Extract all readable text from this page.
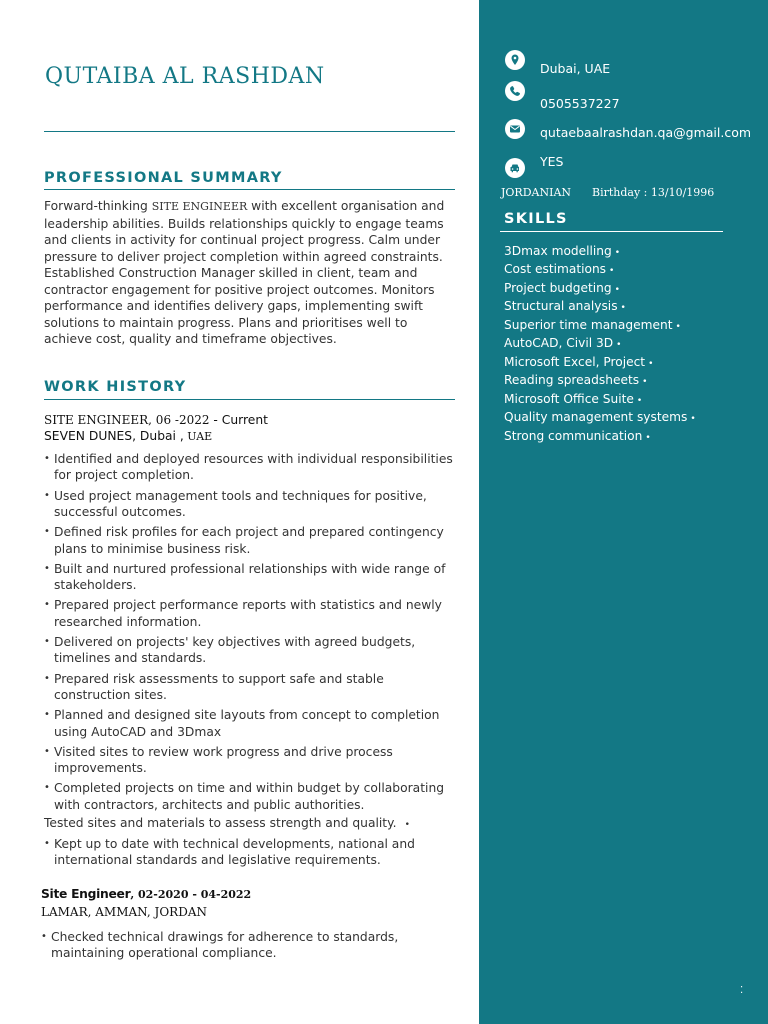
QUTAIBA AL RASHDAN
PROFESSIONAL SUMMARY

Forward-thinking SITE ENGINEER with excellent organisation and leadership abilities. Builds relationships quickly to engage teams and clients in activity for continual project progress. Calm under pressure to deliver project completion within agreed constraints. Established Construction Manager skilled in client, team and contractor engagement for positive project outcomes. Monitors performance and identifies delivery gaps, implementing swift solutions to maintain progress. Plans and prioritises well to achieve cost, quality and timeframe objectives.

WORK HISTORY
SITE ENGINEER, 06 -2022 - Current
SEVEN DUNES, Dubai , UAE
• Identified and deployed resources with individual responsibilities for project completion.
• Used project management tools and techniques for positive, successful outcomes.
• Defined risk profiles for each project and prepared contingency plans to minimise business risk.
• Built and nurtured professional relationships with wide range of stakeholders.
• Prepared project performance reports with statistics and newly researched information.
• Delivered on projects' key objectives with agreed budgets, timelines and standards.
• Prepared risk assessments to support safe and stable construction sites.
• Planned and designed site layouts from concept to completion using AutoCAD and 3Dmax
• Visited sites to review work progress and drive process improvements.
• Completed projects on time and within budget by collaborating with contractors, architects and public authorities.
Tested sites and materials to assess strength and quality. •
• Kept up to date with technical developments, national and international standards and legislative requirements.
Site Engineer, 02-2020 - 04-2022
LAMAR, AMMAN, JORDAN
• Checked technical drawings for adherence to standards, maintaining operational compliance.
Dubai, UAE
0505537227
qutaebaalrashdan.qa@gmail.com
YES
JORDANIAN Birthday : 13/10/1996
SKILLS
3Dmax modelling •
Cost estimations •
Project budgeting •
Structural analysis •
Superior time management •
AutoCAD, Civil 3D •
Microsoft Excel, Project •
Reading spreadsheets •
Microsoft Office Suite •
Quality management systems •
Strong communication •
⁚
